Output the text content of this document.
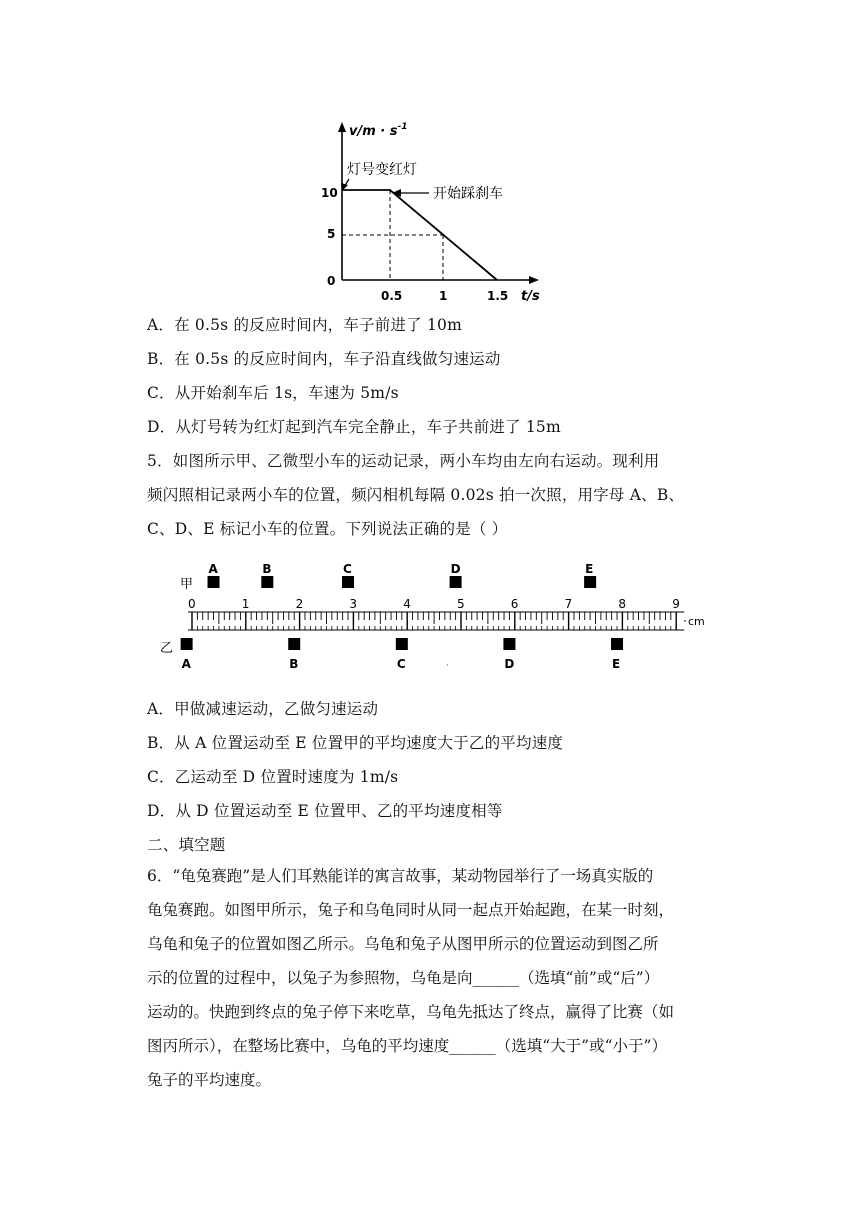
$v/m \cdot s^{-1}$
t/s
10
5
0
0.5	1	1.5
灯号变红灯
开始踩刹车
A．在 0.5s 的反应时间内，车子前进了 10m
B．在 0.5s 的反应时间内，车子沿直线做匀速运动
C．从开始刹车后 1s，车速为 5m/s
D．从灯号转为红灯起到汽车完全静止，车子共前进了 15m
5．如图所示甲、乙微型小车的运动记录，两小车均由左向右运动。现利用
频闪照相记录两小车的位置，频闪相机每隔 0.02s 拍一次照，用字母 A、B、
C、D、E 标记小车的位置。下列说法正确的是（ ）
甲
乙
0	1	2	3	4	5	6	7	8	9
A	B	C	D	E
A	B	C	D	E
cm
·
A．甲做减速运动，乙做匀速运动
B．从 A 位置运动至 E 位置甲的平均速度大于乙的平均速度
C．乙运动至 D 位置时速度为 1m/s
D．从 D 位置运动至 E 位置甲、乙的平均速度相等
二、填空题
6．“龟兔赛跑”是人们耳熟能详的寓言故事，某动物园举行了一场真实版的
龟兔赛跑。如图甲所示，兔子和乌龟同时从同一起点开始起跑，在某一时刻，
乌龟和兔子的位置如图乙所示。乌龟和兔子从图甲所示的位置运动到图乙所
示的位置的过程中，以兔子为参照物，乌龟是向______（选填“前”或“后”）
运动的。快跑到终点的兔子停下来吃草，乌龟先抵达了终点，赢得了比赛（如
图丙所示），在整场比赛中，乌龟的平均速度______（选填“大于”或“小于”）
兔子的平均速度。
